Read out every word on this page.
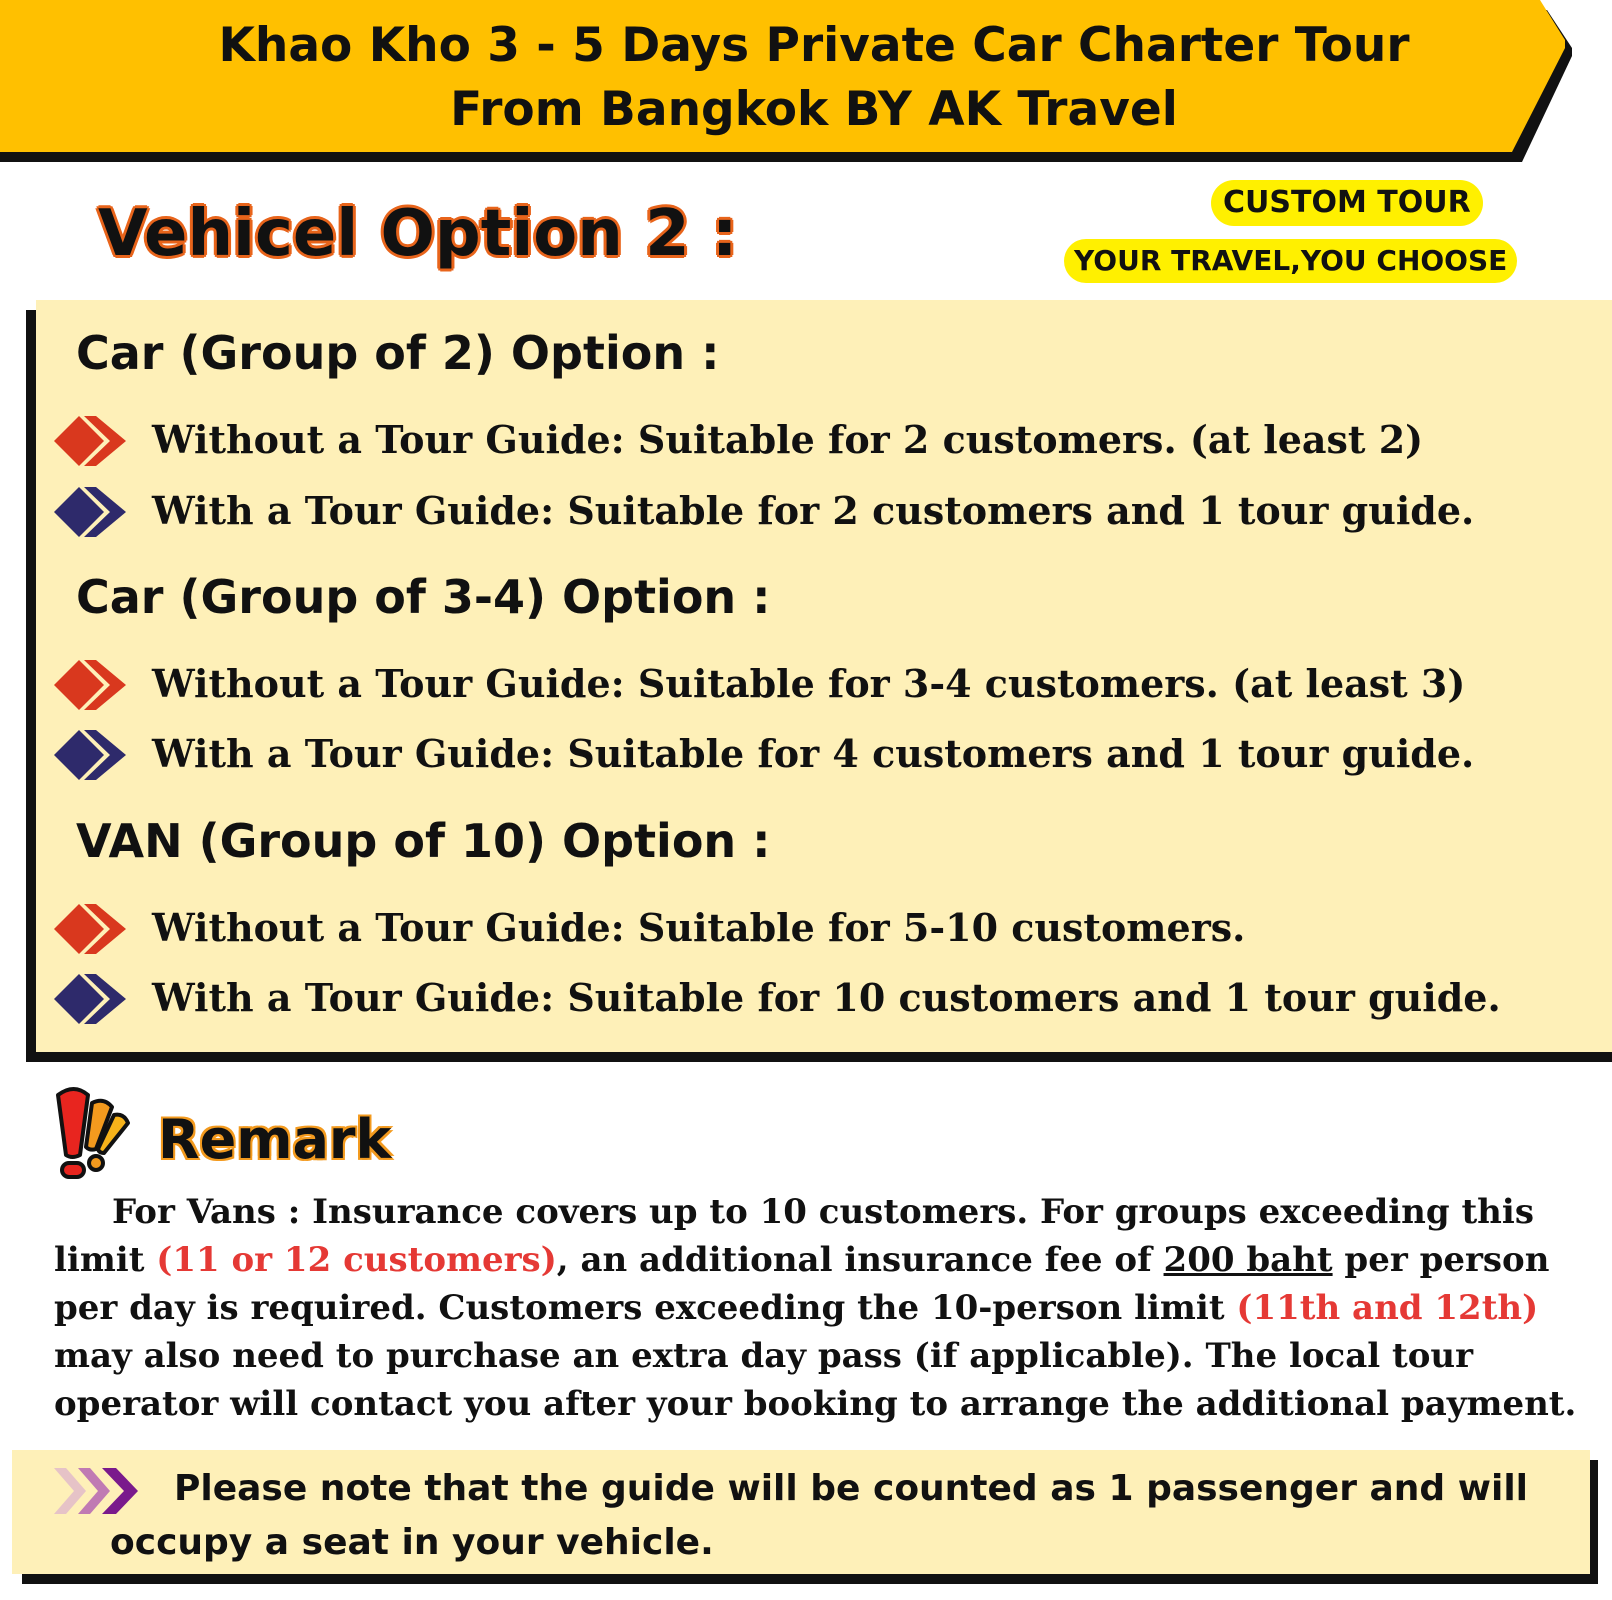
Khao Kho 3 - 5 Days Private Car Charter Tour
From Bangkok BY AK Travel
Vehicel Option 2 :	CUSTOM TOUR
YOUR TRAVEL,YOU CHOOSE
Car (Group of 2) Option :
Without a Tour Guide: Suitable for 2 customers. (at least 2)
With a Tour Guide: Suitable for 2 customers and 1 tour guide.
Car (Group of 3-4) Option :
Without a Tour Guide: Suitable for 3-4 customers. (at least 3)
With a Tour Guide: Suitable for 4 customers and 1 tour guide.
VAN (Group of 10) Option :
Without a Tour Guide: Suitable for 5-10 customers.
With a Tour Guide: Suitable for 10 customers and 1 tour guide.
Remark
For Vans : Insurance covers up to 10 customers. For groups exceeding this limit (11 or 12 customers), an additional insurance fee of 200 baht per person per day is required. Customers exceeding the 10-person limit (11th and 12th) may also need to purchase an extra day pass (if applicable). The local tour operator will contact you after your booking to arrange the additional payment.
Please note that the guide will be counted as 1 passenger and will occupy a seat in your vehicle.
